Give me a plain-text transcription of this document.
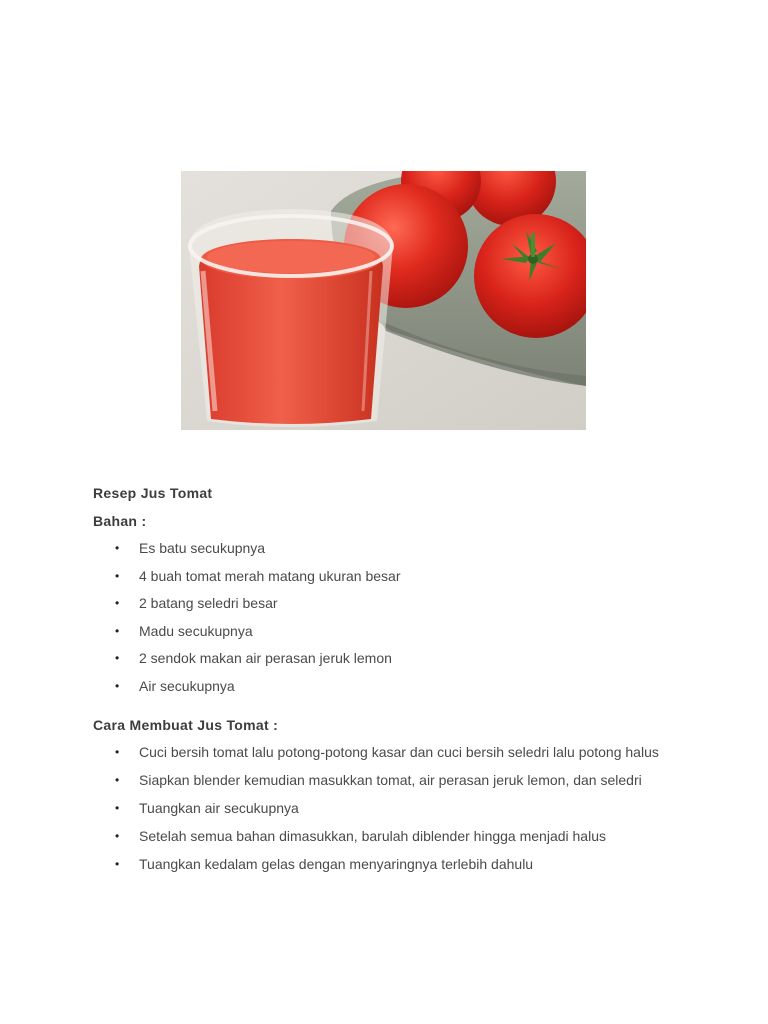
Resep Jus Tomat

Bahan :

• Es batu secukupnya
• 4 buah tomat merah matang ukuran besar
• 2 batang seledri besar
• Madu secukupnya
• 2 sendok makan air perasan jeruk lemon
• Air secukupnya

Cara Membuat Jus Tomat :

• Cuci bersih tomat lalu potong-potong kasar dan cuci bersih seledri lalu potong halus
• Siapkan blender kemudian masukkan tomat, air perasan jeruk lemon, dan seledri
• Tuangkan air secukupnya
• Setelah semua bahan dimasukkan, barulah diblender hingga menjadi halus
• Tuangkan kedalam gelas dengan menyaringnya terlebih dahulu
